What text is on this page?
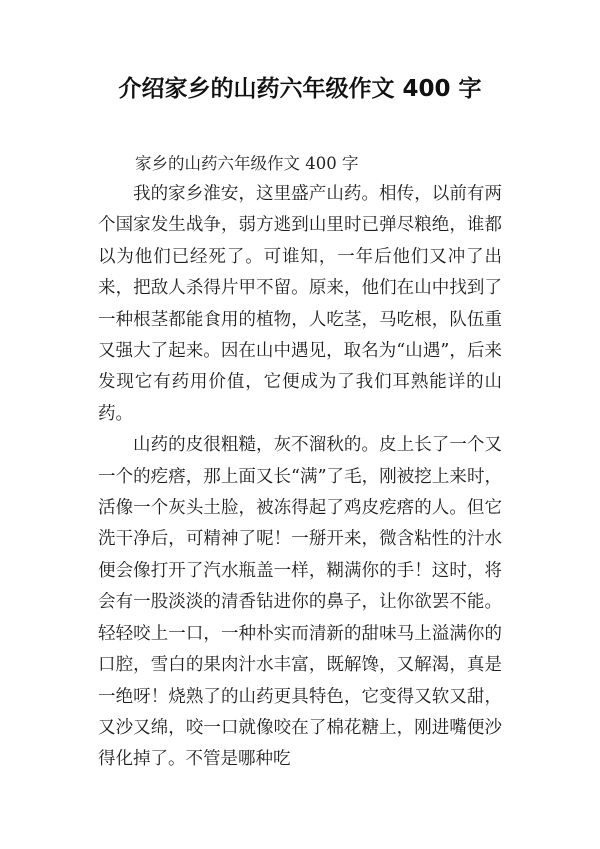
介绍家乡的山药六年级作文 400 字

家乡的山药六年级作文 400 字

我的家乡淮安，这里盛产山药。相传，以前有两个国家发生战争，弱方逃到山里时已弹尽粮绝，谁都以为他们已经死了。可谁知，一年后他们又冲了出来，把敌人杀得片甲不留。原来，他们在山中找到了一种根茎都能食用的植物，人吃茎，马吃根，队伍重又强大了起来。因在山中遇见，取名为“山遇”，后来发现它有药用价值，它便成为了我们耳熟能详的山药。

山药的皮很粗糙，灰不溜秋的。皮上长了一个又一个的疙瘩，那上面又长“满”了毛，刚被挖上来时，活像一个灰头土脸，被冻得起了鸡皮疙瘩的人。但它洗干净后，可精神了呢！一掰开来，微含粘性的汁水便会像打开了汽水瓶盖一样，糊满你的手！这时，将会有一股淡淡的清香钻进你的鼻子，让你欲罢不能。轻轻咬上一口，一种朴实而清新的甜味马上溢满你的口腔，雪白的果肉汁水丰富，既解馋，又解渴，真是一绝呀！烧熟了的山药更具特色，它变得又软又甜，又沙又绵，咬一口就像咬在了棉花糖上，刚进嘴便沙得化掉了。不管是哪种吃
